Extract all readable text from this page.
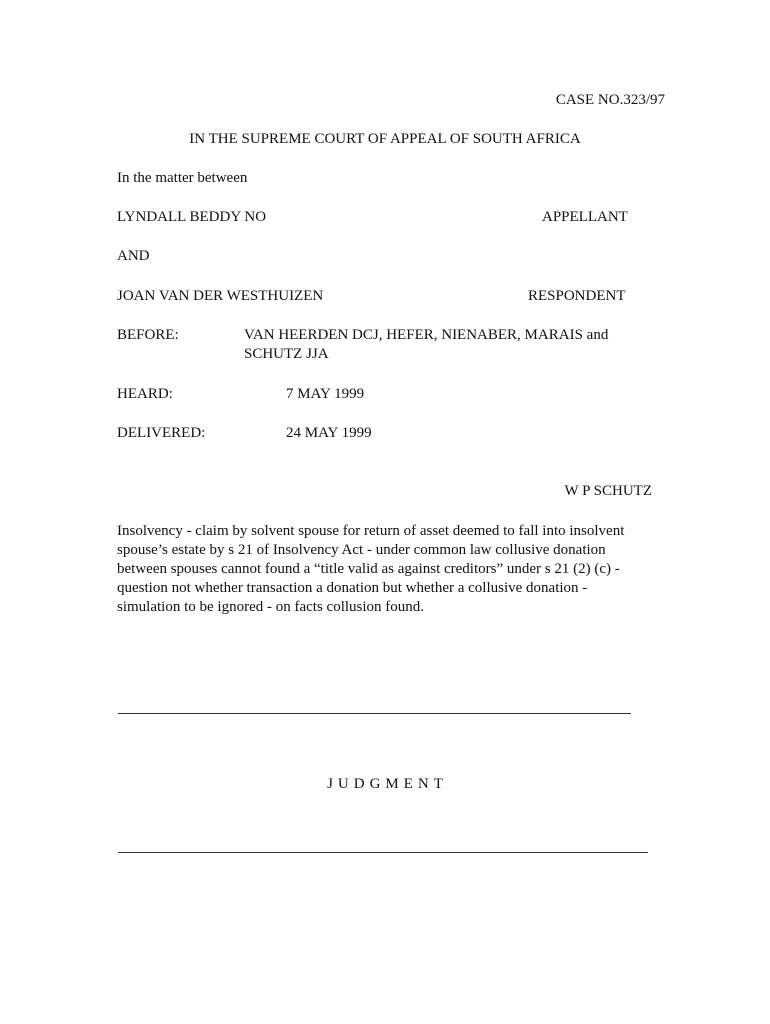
CASE NO.323/97
IN THE SUPREME COURT OF APPEAL OF SOUTH AFRICA
In the matter between
LYNDALL BEDDY NO	APPELLANT
AND
JOAN VAN DER WESTHUIZEN	RESPONDENT
BEFORE:	VAN HEERDEN DCJ, HEFER, NIENABER, MARAIS and SCHUTZ JJA
HEARD:	7 MAY 1999
DELIVERED:	24 MAY 1999
W P SCHUTZ
Insolvency - claim by solvent spouse for return of asset deemed to fall into insolvent spouse’s estate by s 21 of Insolvency Act - under common law collusive donation between spouses cannot found a “title valid as against creditors” under s 21 (2) (c) - question not whether transaction a donation but whether a collusive donation - simulation to be ignored - on facts collusion found.
JUDGMENT
